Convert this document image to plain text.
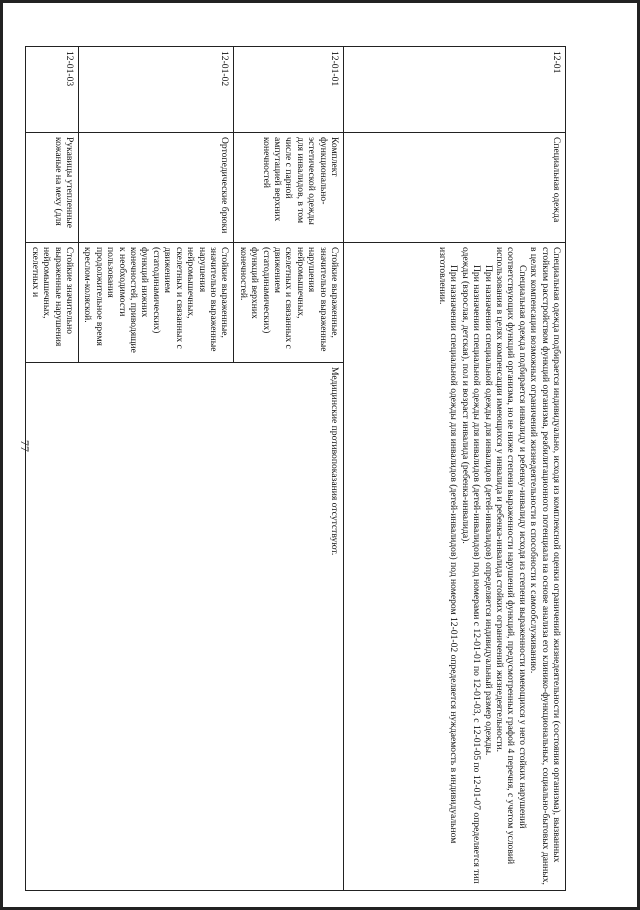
77
12-01	Специальная одежда	Специальная одежда подбирается индивидуально, исходя из комплексной оценки ограничений жизнедеятельности (состояния организма), вызванных стойким расстройством функций организма, реабилитационного потенциала на основе анализа его клинико-функциональных, социально-бытовых данных, в целях компенсации возможных ограничений жизнедеятельности в способности к самообслуживанию.

Специальная одежда подбирается инвалиду и ребенку-инвалиду исходя из степени выраженности имеющихся у него стойких нарушений соответствующих функций организма, но не ниже степени выраженности нарушений функций, предусмотренных графой 4 перечня, с учетом условий использования в целях компенсации имеющихся у инвалида и ребенка-инвалида стойких ограничений жизнедеятельности.

При назначении специальной одежды для инвалидов (детей-инвалидов) определяется индивидуальный размер одежды.

При назначении специальной одежды для инвалидов (детей-инвалидов) под номерами с 12-01-01 по 12-01-03, с 12-01-05 по 12-01-07 определяется тип одежды (взрослая, детская), пол и возраст инвалида (ребенка-инвалида).

При назначении специальной одежды для инвалидов (детей-инвалидов) под номером 12-01-02 определяется нуждаемость в индивидуальном изготовлении.	

12-01-01	Комплект функционально-эстетической одежды для инвалидов, в том числе с парной ампутацией верхних конечностей	Стойкие выраженные, значительно выраженные нарушения нейромышечных, скелетных и связанных с движением (статодинамических) функций верхних конечностей.	Медицинские противопоказания отсутствуют.
12-01-02	Ортопедические брюки	Стойкие выраженные, значительно выраженные нарушения нейромышечных, скелетных и связанных с движением (статодинамических) функций нижних конечностей, приводящие к необходимости пользования продолжительное время креслом-коляской.	
12-01-03	Рукавицы утепленные кожаные на меху (для	Стойкие значительно выраженные нарушения нейромышечных, скелетных и	
